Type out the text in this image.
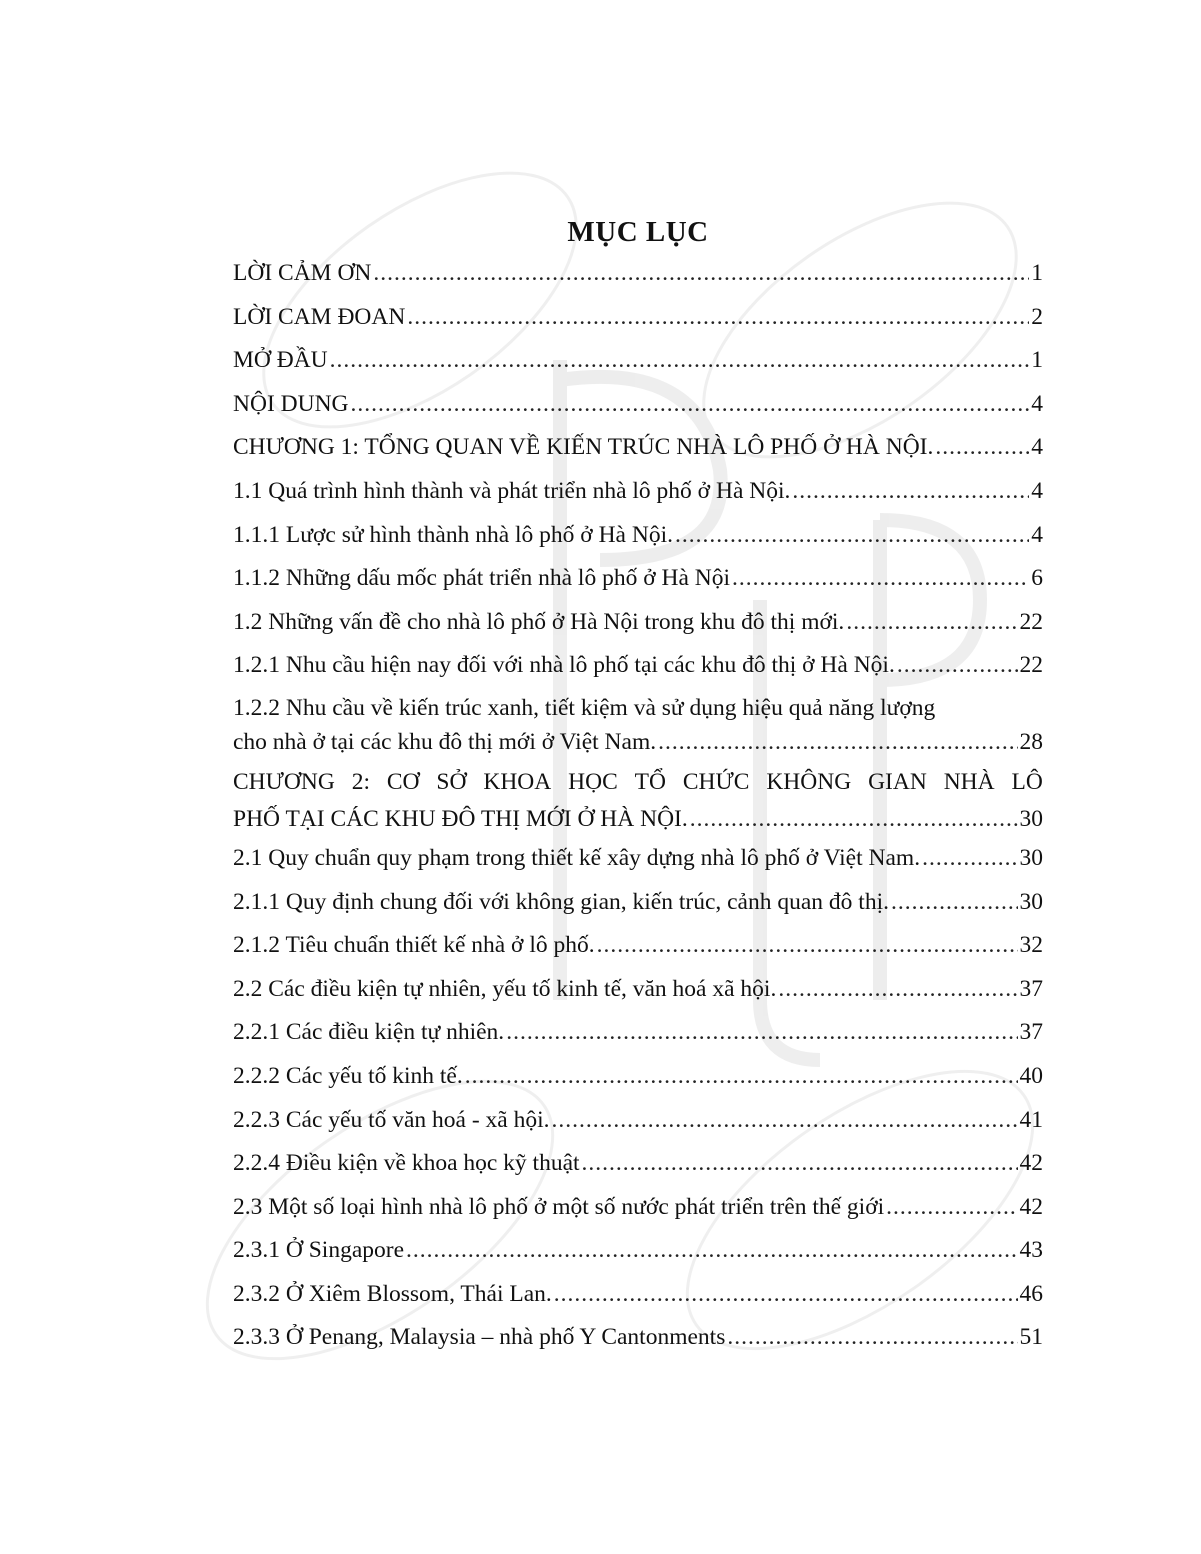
MỤC LỤC
LỜI CẢM ƠN .....	1
LỜI CAM ĐOAN .....	2
MỞ ĐẦU .....	1
NỘI DUNG .....	4
CHƯƠNG 1: TỔNG QUAN VỀ KIẾN TRÚC NHÀ LÔ PHỐ Ở HÀ NỘI. .....	4
1.1 Quá trình hình thành và phát triển nhà lô phố ở Hà Nội. .....	4
1.1.1 Lược sử hình thành nhà lô phố ở Hà Nội. .....	4
1.1.2 Những dấu mốc phát triển nhà lô phố ở Hà Nội .....	6
1.2 Những vấn đề cho nhà lô phố ở Hà Nội trong khu đô thị mới. .....	22
1.2.1 Nhu cầu hiện nay đối với nhà lô phố tại các khu đô thị ở Hà Nội. .....	22
1.2.2 Nhu cầu về kiến trúc xanh, tiết kiệm và sử dụng hiệu quả năng lượng
cho nhà ở tại các khu đô thị mới ở Việt Nam. .....	28
CHƯƠNG 2: CƠ SỞ KHOA HỌC TỔ CHỨC KHÔNG GIAN NHÀ LÔ
PHỐ TẠI CÁC KHU ĐÔ THỊ MỚI Ở HÀ NỘI. .....	30
2.1 Quy chuẩn quy phạm trong thiết kế xây dựng nhà lô phố ở Việt Nam. .....	30
2.1.1 Quy định chung đối với không gian, kiến trúc, cảnh quan đô thị. .....	30
2.1.2 Tiêu chuẩn thiết kế nhà ở lô phố. .....	32
2.2 Các điều kiện tự nhiên, yếu tố kinh tế, văn hoá xã hội. .....	37
2.2.1 Các điều kiện tự nhiên. .....	37
2.2.2 Các yếu tố kinh tế. .....	40
2.2.3 Các yếu tố văn hoá - xã hội. .....	41
2.2.4 Điều kiện về khoa học kỹ thuật .....	42
2.3 Một số loại hình nhà lô phố ở một số nước phát triển trên thế giới .....	42
2.3.1 Ở Singapore .....	43
2.3.2 Ở Xiêm Blossom, Thái Lan. .....	46
2.3.3 Ở Penang, Malaysia – nhà phố Y Cantonments .....	51
